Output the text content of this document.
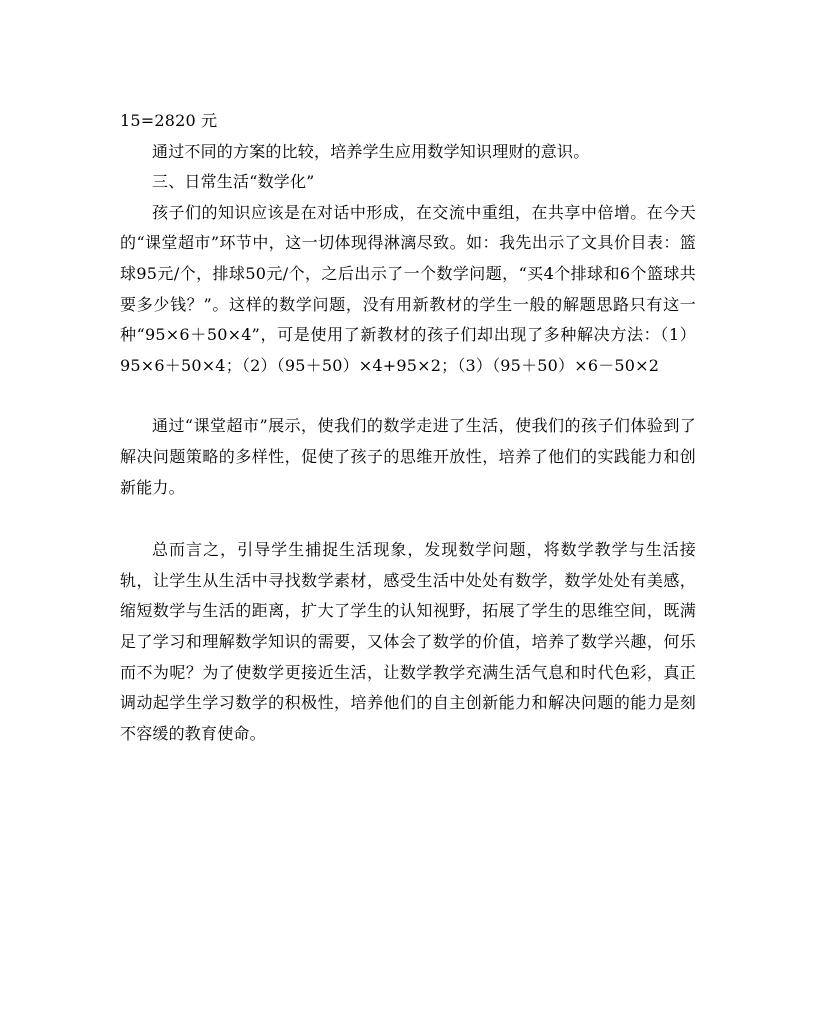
15=2820 元

通过不同的方案的比较，培养学生应用数学知识理财的意识。

三、日常生活“数学化”

孩子们的知识应该是在对话中形成，在交流中重组，在共享中倍增。在今天的“课堂超市”环节中，这一切体现得淋漓尽致。如：我先出示了文具价目表：篮球95元/个，排球50元/个，之后出示了一个数学问题，“买4个排球和6个篮球共要多少钱？”。这样的数学问题，没有用新教材的学生一般的解题思路只有这一种“95×6＋50×4”，可是使用了新教材的孩子们却出现了多种解决方法：（1）95×6＋50×4；（2）（95＋50）×4+95×2；（3）（95＋50）×6－50×2

通过“课堂超市”展示，使我们的数学走进了生活，使我们的孩子们体验到了解决问题策略的多样性，促使了孩子的思维开放性，培养了他们的实践能力和创新能力。

总而言之，引导学生捕捉生活现象，发现数学问题，将数学教学与生活接轨，让学生从生活中寻找数学素材，感受生活中处处有数学，数学处处有美感，缩短数学与生活的距离，扩大了学生的认知视野，拓展了学生的思维空间，既满足了学习和理解数学知识的需要，又体会了数学的价值，培养了数学兴趣，何乐而不为呢？为了使数学更接近生活，让数学教学充满生活气息和时代色彩，真正调动起学生学习数学的积极性，培养他们的自主创新能力和解决问题的能力是刻不容缓的教育使命。
